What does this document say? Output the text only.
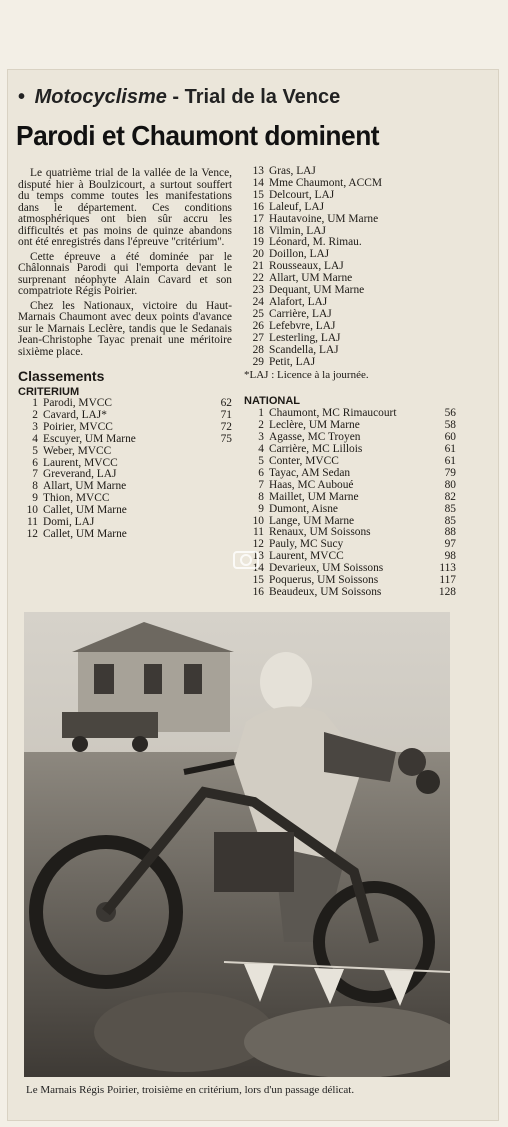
• Motocyclisme - Trial de la Vence
Parodi et Chaumont dominent

Le quatrième trial de la vallée de la Vence, disputé hier à Boulzicourt, a surtout souffert du temps comme toutes les manifestations dans le département. Ces conditions atmosphériques ont bien sûr accru les difficultés et pas moins de quinze abandons ont été enregistrés dans l'épreuve ''critérium''.

Cette épreuve a été dominée par le Châlonnais Parodi qui l'emporta devant le surprenant néophyte Alain Cavard et son compatriote Régis Poirier.

Chez les Nationaux, victoire du Haut-Marnais Chaumont avec deux points d'avance sur le Marnais Leclère, tandis que le Sedanais Jean-Christophe Tayac prenait une méritoire sixième place.

Classements
CRITERIUM
1 Parodi, MVCC	62
2 Cavard, LAJ*	71
3 Poirier, MVCC	72
4 Escuyer, UM Marne	75
5 Weber, MVCC
6 Laurent, MVCC
7 Greverand, LAJ
8 Allart, UM Marne
9 Thion, MVCC
10 Callet, UM Marne
11 Domi, LAJ
12 Callet, UM Marne
13 Gras, LAJ
14 Mme Chaumont, ACCM
15 Delcourt, LAJ
16 Laleuf, LAJ
17 Hautavoine, UM Marne
18 Vilmin, LAJ
19 Léonard, M. Rimau.
20 Doillon, LAJ
21 Rousseaux, LAJ
22 Allart, UM Marne
23 Dequant, UM Marne
24 Alafort, LAJ
25 Carrière, LAJ
26 Lefebvre, LAJ
27 Lesterling, LAJ
28 Scandella, LAJ
29 Petit, LAJ
*LAJ : Licence à la journée.
NATIONAL
1 Chaumont, MC Rimaucourt	56
2 Leclère, UM Marne	58
3 Agasse, MC Troyen	60
4 Carrière, MC Lillois	61
5 Conter, MVCC	61
6 Tayac, AM Sedan	79
7 Haas, MC Auboué	80
8 Maillet, UM Marne	82
9 Dumont, Aisne	85
10 Lange, UM Marne	85
11 Renaux, UM Soissons	88
12 Pauly, MC Sucy	97
13 Laurent, MVCC	98
14 Devarieux, UM Soissons	113
15 Poquerus, UM Soissons	117
16 Beaudeux, UM Soissons	128
Le Marnais Régis Poirier, troisième en critérium, lors d'un passage délicat.
